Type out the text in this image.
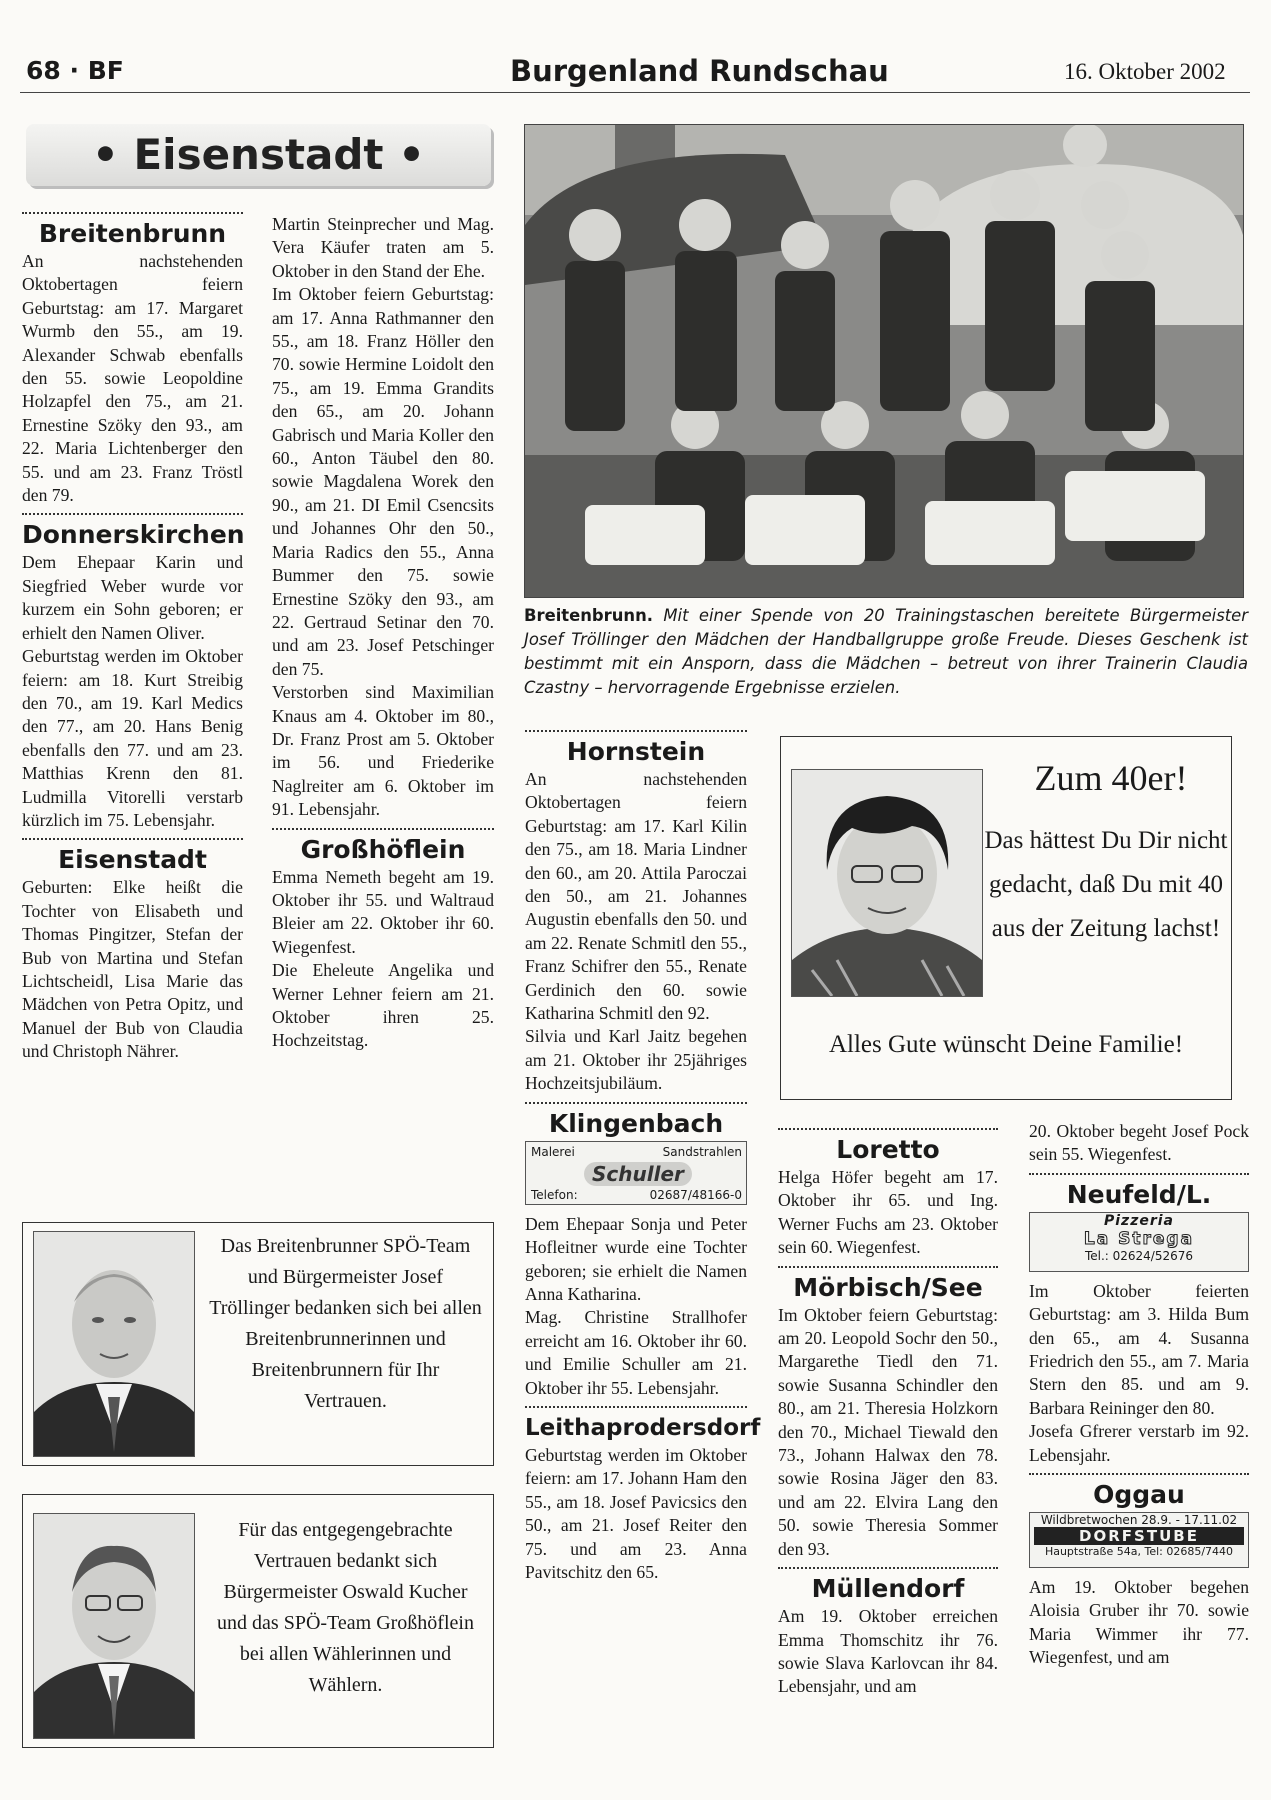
68 · BF	Burgenland Rundschau	16. Oktober 2002
• Eisenstadt •
Breitenbrunn

An nachstehenden Oktobertagen feiern Geburtstag: am 17. Margaret Wurmb den 55., am 19. Alexander Schwab ebenfalls den 55. sowie Leopoldine Holzapfel den 75., am 21. Ernestine Szöky den 93., am 22. Maria Lichtenberger den 55. und am 23. Franz Tröstl den 79.

Donnerskirchen

Dem Ehepaar Karin und Siegfried Weber wurde vor kurzem ein Sohn geboren; er erhielt den Namen Oliver.
Geburtstag werden im Oktober feiern: am 18. Kurt Streibig den 70., am 19. Karl Medics den 77., am 20. Hans Benig ebenfalls den 77. und am 23. Matthias Krenn den 81. Ludmilla Vitorelli verstarb kürzlich im 75. Lebensjahr.

Eisenstadt

Geburten: Elke heißt die Tochter von Elisabeth und Thomas Pingitzer, Stefan der Bub von Martina und Stefan Lichtscheidl, Lisa Marie das Mädchen von Petra Opitz, und Manuel der Bub von Claudia und Christoph Nährer.

Martin Steinprecher und Mag. Vera Käufer traten am 5. Oktober in den Stand der Ehe.
Im Oktober feiern Geburtstag: am 17. Anna Rathmanner den 55., am 18. Franz Höller den 70. sowie Hermine Loidolt den 75., am 19. Emma Grandits den 65., am 20. Johann Gabrisch und Maria Koller den 60., Anton Täubel den 80. sowie Magdalena Worek den 90., am 21. DI Emil Csencsits und Johannes Ohr den 50., Maria Radics den 55., Anna Bummer den 75. sowie Ernestine Szöky den 93., am 22. Gertraud Setinar den 70. und am 23. Josef Petschinger den 75.
Verstorben sind Maximilian Knaus am 4. Oktober im 80., Dr. Franz Prost am 5. Oktober im 56. und Friederike Naglreiter am 6. Oktober im 91. Lebensjahr.

Großhöflein

Emma Nemeth begeht am 19. Oktober ihr 55. und Waltraud Bleier am 22. Oktober ihr 60. Wiegenfest.
Die Eheleute Angelika und Werner Lehner feiern am 21. Oktober ihren 25. Hochzeitstag.

Das Breitenbrunner SPÖ-Team und Bürgermeister Josef Tröllinger bedanken sich bei allen Breitenbrunnerinnen und Breitenbrunnern für Ihr Vertrauen.
Für das entgegengebrachte Vertrauen bedankt sich Bürgermeister Oswald Kucher und das SPÖ-Team Großhöflein bei allen Wählerinnen und Wählern.
Breitenbrunn. Mit einer Spende von 20 Trainingstaschen bereitete Bürgermeister Josef Tröllinger den Mädchen der Handballgruppe große Freude. Dieses Geschenk ist bestimmt mit ein Ansporn, dass die Mädchen – betreut von ihrer Trainerin Claudia Czastny – hervorragende Ergebnisse erzielen.
Hornstein

An nachstehenden Oktobertagen feiern Geburtstag: am 17. Karl Kilin den 75., am 18. Maria Lindner den 60., am 20. Attila Paroczai den 50., am 21. Johannes Augustin ebenfalls den 50. und am 22. Renate Schmitl den 55., Franz Schifrer den 55., Renate Gerdinich den 60. sowie Katharina Schmitl den 92.
Silvia und Karl Jaitz begehen am 21. Oktober ihr 25jähriges Hochzeitsjubiläum.

Klingenbach
Malerei	Sandstrahlen
Schuller
Telefon:	02687/48166-0

Dem Ehepaar Sonja und Peter Hofleitner wurde eine Tochter geboren; sie erhielt die Namen Anna Katharina.
Mag. Christine Strallhofer erreicht am 16. Oktober ihr 60. und Emilie Schuller am 21. Oktober ihr 55. Lebensjahr.

Leithaprodersdorf

Geburtstag werden im Oktober feiern: am 17. Johann Ham den 55., am 18. Josef Pavicsics den 50., am 21. Josef Reiter den 75. und am 23. Anna Pavitschitz den 65.

Zum 40er!
Das hättest Du Dir nicht gedacht, daß Du mit 40 aus der Zeitung lachst!
Alles Gute wünscht Deine Familie!
Loretto

Helga Höfer begeht am 17. Oktober ihr 65. und Ing. Werner Fuchs am 23. Oktober sein 60. Wiegenfest.

Mörbisch/See

Im Oktober feiern Geburtstag: am 20. Leopold Sochr den 50., Margarethe Tiedl den 71. sowie Susanna Schindler den 80., am 21. Theresia Holzkorn den 70., Michael Tiewald den 73., Johann Halwax den 78. sowie Rosina Jäger den 83. und am 22. Elvira Lang den 50. sowie Theresia Sommer den 93.

Müllendorf

Am 19. Oktober erreichen Emma Thomschitz ihr 76. sowie Slava Karlovcan ihr 84. Lebensjahr, und am

20. Oktober begeht Josef Pock sein 55. Wiegenfest.

Neufeld/L.
Pizzeria
La Strega
Tel.: 02624/52676

Im Oktober feierten Geburtstag: am 3. Hilda Bum den 65., am 4. Susanna Friedrich den 55., am 7. Maria Stern den 85. und am 9. Barbara Reininger den 80.
Josefa Gfrerer verstarb im 92. Lebensjahr.

Oggau
Wildbretwochen 28.9. - 17.11.02
DORFSTUBE
Hauptstraße 54a, Tel: 02685/7440

Am 19. Oktober begehen Aloisia Gruber ihr 70. sowie Maria Wimmer ihr 77. Wiegenfest, und am
